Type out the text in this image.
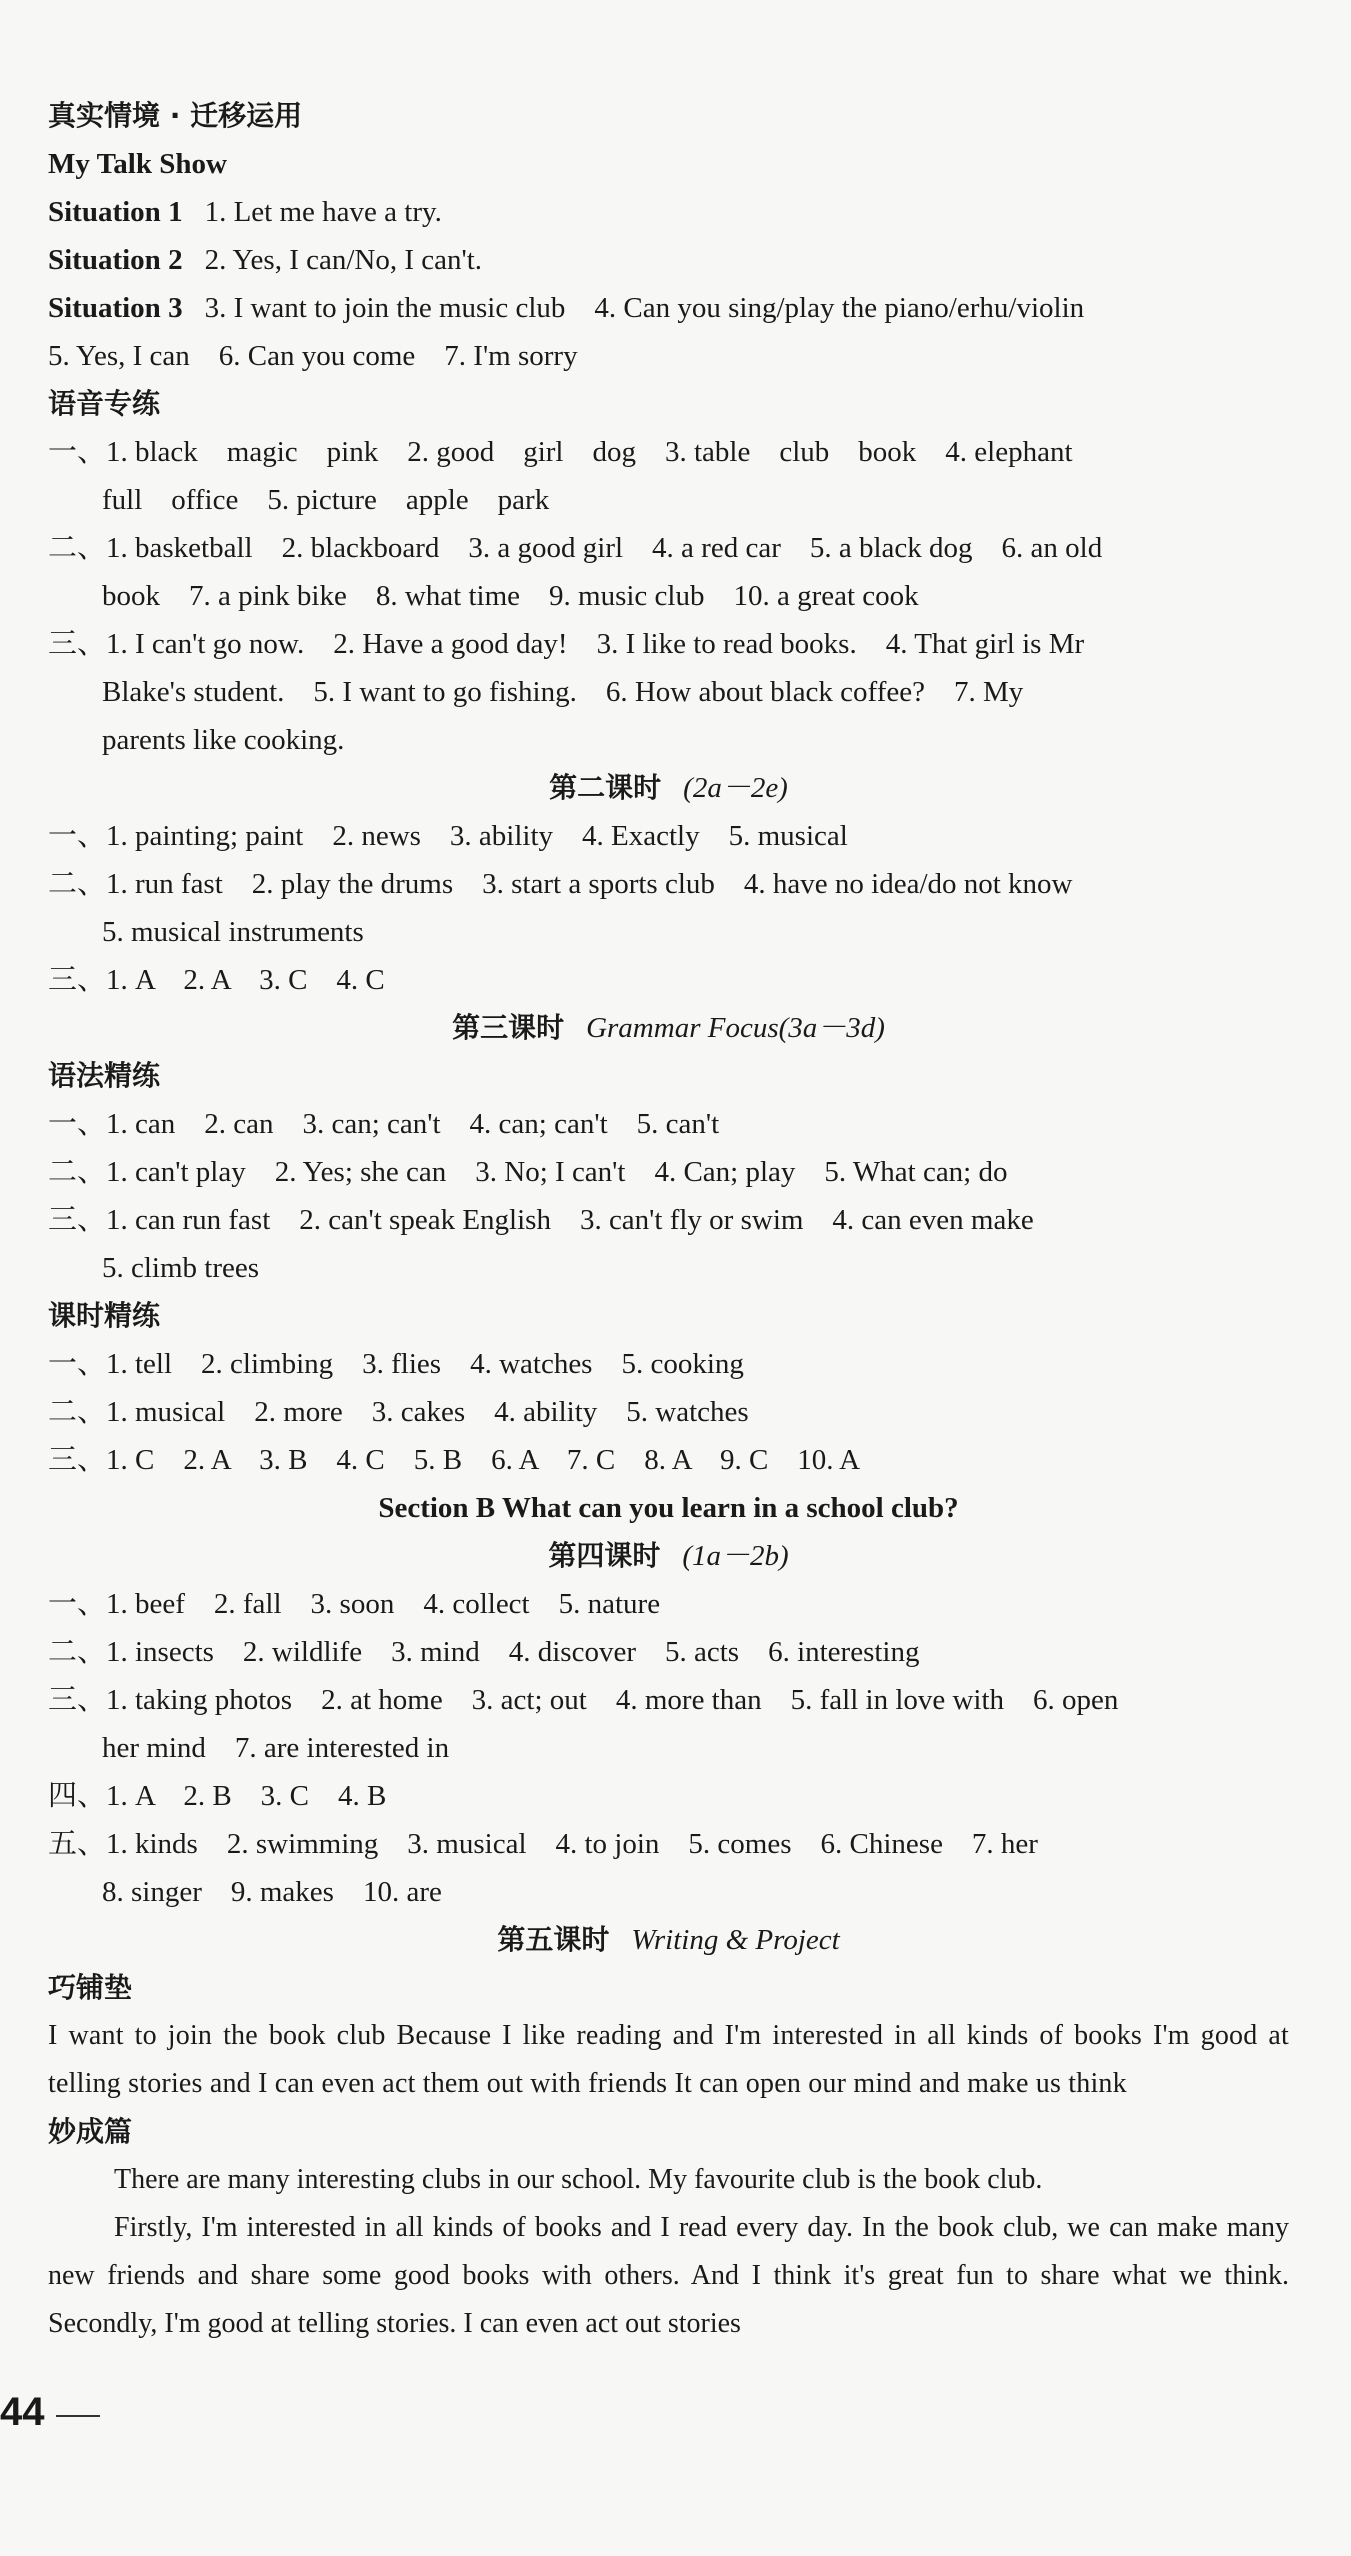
真实情境 · 迁移运用
My Talk Show
Situation 1 1. Let me have a try.
Situation 2 2. Yes, I can/No, I can't.
Situation 3 3. I want to join the music club    4. Can you sing/play the piano/erhu/violin
5. Yes, I can    6. Can you come    7. I'm sorry
语音专练
一、1. black    magic    pink    2. good    girl    dog    3. table    club    book    4. elephant
full    office    5. picture    apple    park
二、1. basketball    2. blackboard    3. a good girl    4. a red car    5. a black dog    6. an old
book    7. a pink bike    8. what time    9. music club    10. a great cook
三、1. I can't go now.    2. Have a good day!    3. I like to read books.    4. That girl is Mr
Blake's student.    5. I want to go fishing.    6. How about black coffee?    7. My
parents like cooking.
第二课时 (2a－2e)
一、1. painting; paint    2. news    3. ability    4. Exactly    5. musical
二、1. run fast    2. play the drums    3. start a sports club    4. have no idea/do not know
5. musical instruments
三、1. A    2. A    3. C    4. C
第三课时 Grammar Focus(3a－3d)
语法精练
一、1. can    2. can    3. can; can't    4. can; can't    5. can't
二、1. can't play    2. Yes; she can    3. No; I can't    4. Can; play    5. What can; do
三、1. can run fast    2. can't speak English    3. can't fly or swim    4. can even make
5. climb trees
课时精练
一、1. tell    2. climbing    3. flies    4. watches    5. cooking
二、1. musical    2. more    3. cakes    4. ability    5. watches
三、1. C    2. A    3. B    4. C    5. B    6. A    7. C    8. A    9. C    10. A
Section B What can you learn in a school club?
第四课时 (1a－2b)
一、1. beef    2. fall    3. soon    4. collect    5. nature
二、1. insects    2. wildlife    3. mind    4. discover    5. acts    6. interesting
三、1. taking photos    2. at home    3. act; out    4. more than    5. fall in love with    6. open
her mind    7. are interested in
四、1. A    2. B    3. C    4. B
五、1. kinds    2. swimming    3. musical    4. to join    5. comes    6. Chinese    7. her
8. singer    9. makes    10. are
第五课时 Writing & Project
巧铺垫
I want to join the book club Because I like reading and I'm interested in all kinds of books I'm good at telling stories and I can even act them out with friends It can open our mind and make us think
妙成篇
There are many interesting clubs in our school. My favourite club is the book club.
Firstly, I'm interested in all kinds of books and I read every day. In the book club, we can make many new friends and share some good books with others. And I think it's great fun to share what we think. Secondly, I'm good at telling stories. I can even act out stories
44
